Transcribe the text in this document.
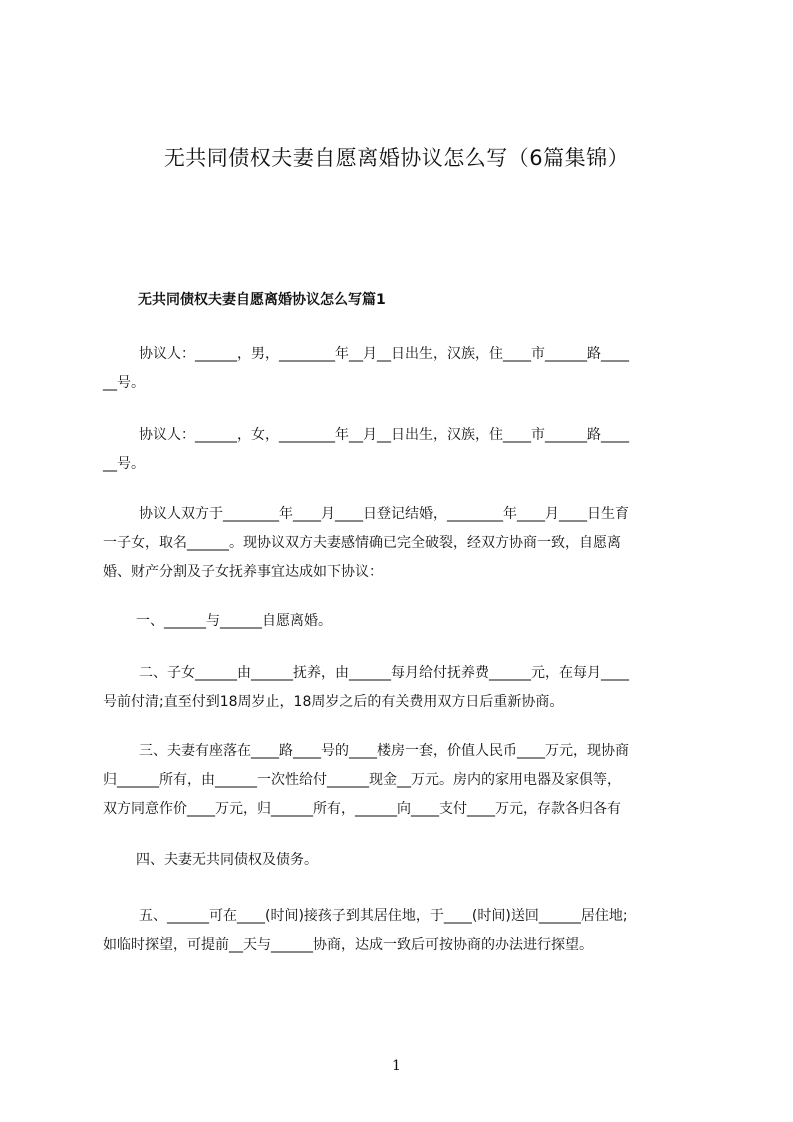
无共同债权夫妻自愿离婚协议怎么写（6篇集锦）
无共同债权夫妻自愿离婚协议怎么写篇1
协议人：______，男，________年__月__日出生，汉族，住____市______路____
__号。
协议人：______，女，________年__月__日出生，汉族，住____市______路____
__号。
协议人双方于________年____月____日登记结婚，________年____月____日生育
一子女，取名______。现协议双方夫妻感情确已完全破裂，经双方协商一致，自愿离
婚、财产分割及子女抚养事宜达成如下协议：
一、______与______自愿离婚。
二、子女______由______抚养，由______每月给付抚养费______元，在每月____
号前付清;直至付到18周岁止，18周岁之后的有关费用双方日后重新协商。
三、夫妻有座落在____路____号的____楼房一套，价值人民币____万元，现协商
归______所有，由______一次性给付______现金__万元。房内的家用电器及家俱等，
双方同意作价____万元，归______所有，______向____支付____万元，存款各归各有
四、夫妻无共同债权及债务。
五、______可在____(时间)接孩子到其居住地，于____(时间)送回______居住地;
如临时探望，可提前__天与______协商，达成一致后可按协商的办法进行探望。
1
